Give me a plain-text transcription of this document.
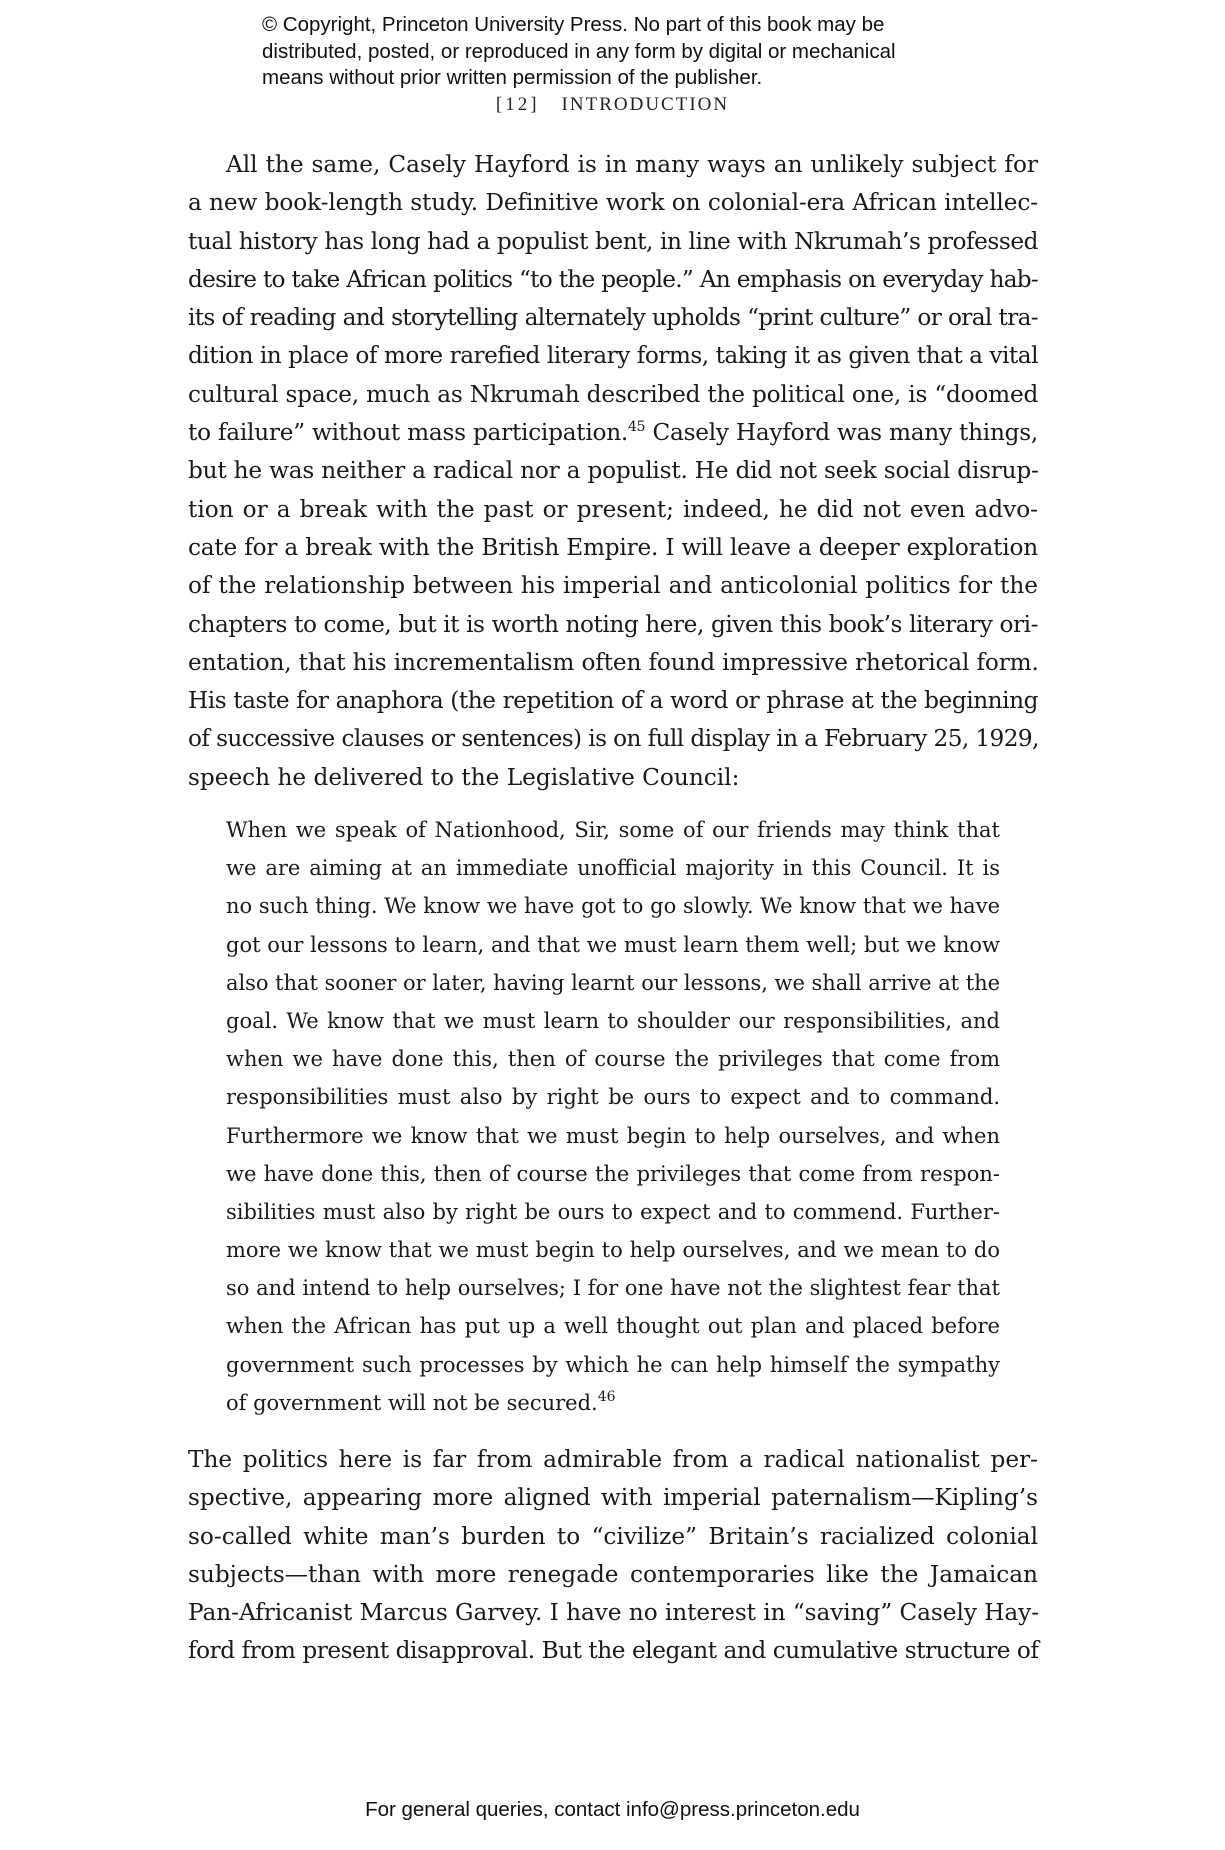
© Copyright, Princeton University Press. No part of this book may be
distributed, posted, or reproduced in any form by digital or mechanical
means without prior written permission of the publisher.
[12] INTRODUCTION
All the same, Casely Hayford is in many ways an unlikely subject for
a new book-length study. Definitive work on colonial-era African intellec-
tual history has long had a populist bent, in line with Nkrumah’s professed
desire to take African politics “to the people.” An emphasis on everyday hab-
its of reading and storytelling alternately upholds “print culture” or oral tra-
dition in place of more rarefied literary forms, taking it as given that a vital
cultural space, much as Nkrumah described the political one, is “doomed
to failure” without mass participation.$^{45}$ Casely Hayford was many things,
but he was neither a radical nor a populist. He did not seek social disrup-
tion or a break with the past or present; indeed, he did not even advo-
cate for a break with the British Empire. I will leave a deeper exploration
of the relationship between his imperial and anticolonial politics for the
chapters to come, but it is worth noting here, given this book’s literary ori-
entation, that his incrementalism often found impressive rhetorical form.
His taste for anaphora (the repetition of a word or phrase at the beginning
of successive clauses or sentences) is on full display in a February 25, 1929,
speech he delivered to the Legislative Council:
When we speak of Nationhood, Sir, some of our friends may think that
we are aiming at an immediate unofficial majority in this Council. It is
no such thing. We know we have got to go slowly. We know that we have
got our lessons to learn, and that we must learn them well; but we know
also that sooner or later, having learnt our lessons, we shall arrive at the
goal. We know that we must learn to shoulder our responsibilities, and
when we have done this, then of course the privileges that come from
responsibilities must also by right be ours to expect and to command.
Furthermore we know that we must begin to help ourselves, and when
we have done this, then of course the privileges that come from respon-
sibilities must also by right be ours to expect and to commend. Further-
more we know that we must begin to help ourselves, and we mean to do
so and intend to help ourselves; I for one have not the slightest fear that
when the African has put up a well thought out plan and placed before
government such processes by which he can help himself the sympathy
of government will not be secured.$^{46}$
The politics here is far from admirable from a radical nationalist per-
spective, appearing more aligned with imperial paternalism—Kipling’s
so-called white man’s burden to “civilize” Britain’s racialized colonial
subjects—than with more renegade contemporaries like the Jamaican
Pan-Africanist Marcus Garvey. I have no interest in “saving” Casely Hay-
ford from present disapproval. But the elegant and cumulative structure of
For general queries, contact info@press.princeton.edu
